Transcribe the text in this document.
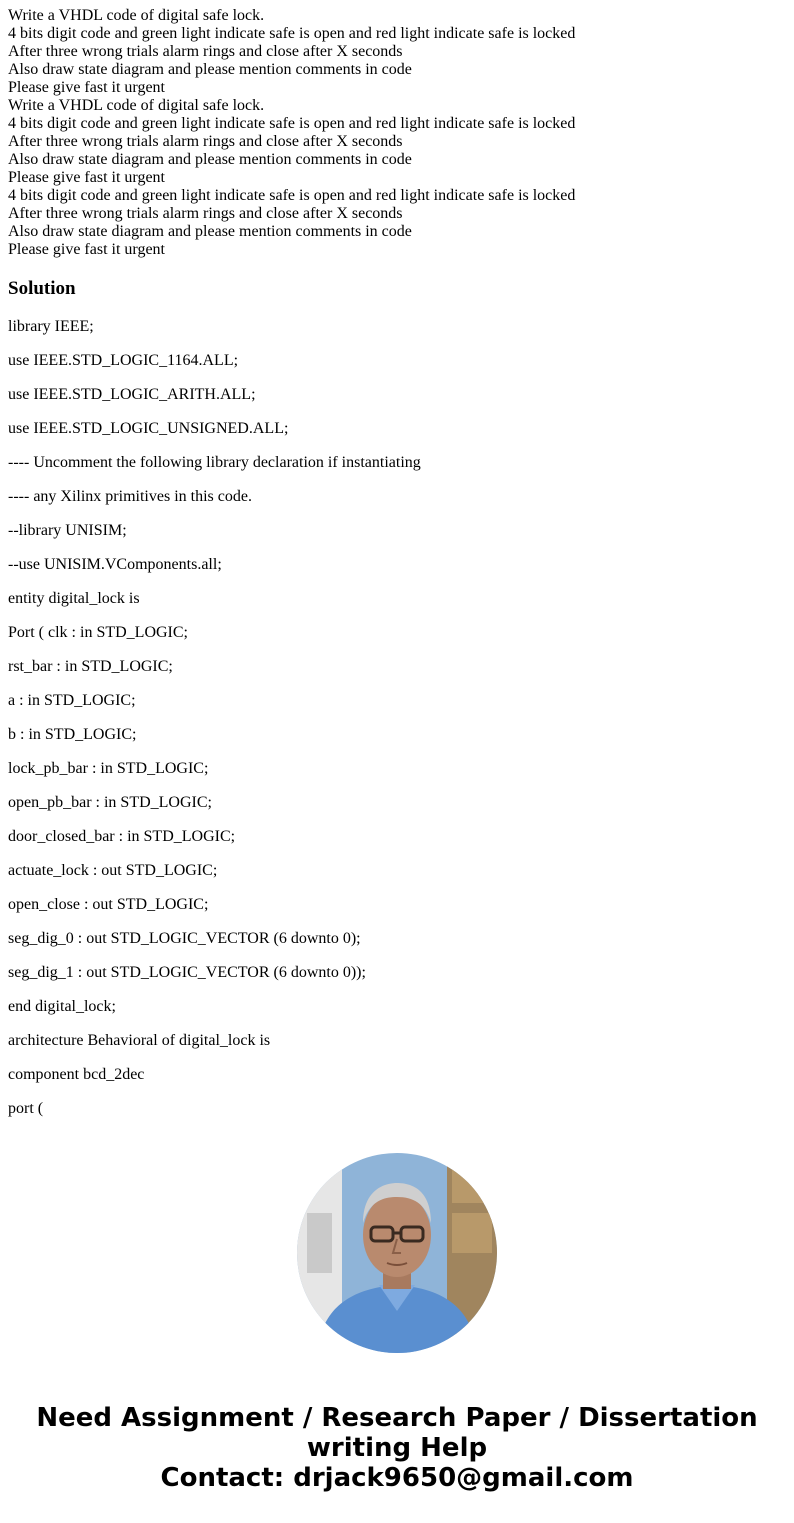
Write a VHDL code of digital safe lock.
4 bits digit code and green light indicate safe is open and red light indicate safe is locked
After three wrong trials alarm rings and close after X seconds
Also draw state diagram and please mention comments in code
Please give fast it urgent
Write a VHDL code of digital safe lock.
4 bits digit code and green light indicate safe is open and red light indicate safe is locked
After three wrong trials alarm rings and close after X seconds
Also draw state diagram and please mention comments in code
Please give fast it urgent
4 bits digit code and green light indicate safe is open and red light indicate safe is locked
After three wrong trials alarm rings and close after X seconds
Also draw state diagram and please mention comments in code
Please give fast it urgent
Solution

library IEEE;

use IEEE.STD_LOGIC_1164.ALL;

use IEEE.STD_LOGIC_ARITH.ALL;

use IEEE.STD_LOGIC_UNSIGNED.ALL;

---- Uncomment the following library declaration if instantiating

---- any Xilinx primitives in this code.

--library UNISIM;

--use UNISIM.VComponents.all;

entity digital_lock is

Port ( clk : in STD_LOGIC;

rst_bar : in STD_LOGIC;

a : in STD_LOGIC;

b : in STD_LOGIC;

lock_pb_bar : in STD_LOGIC;

open_pb_bar : in STD_LOGIC;

door_closed_bar : in STD_LOGIC;

actuate_lock : out STD_LOGIC;

open_close : out STD_LOGIC;

seg_dig_0 : out STD_LOGIC_VECTOR (6 downto 0);

seg_dig_1 : out STD_LOGIC_VECTOR (6 downto 0));

end digital_lock;

architecture Behavioral of digital_lock is

component bcd_2dec

port (

Need Assignment / Research Paper / Dissertation
writing Help
Contact: drjack9650@gmail.com
